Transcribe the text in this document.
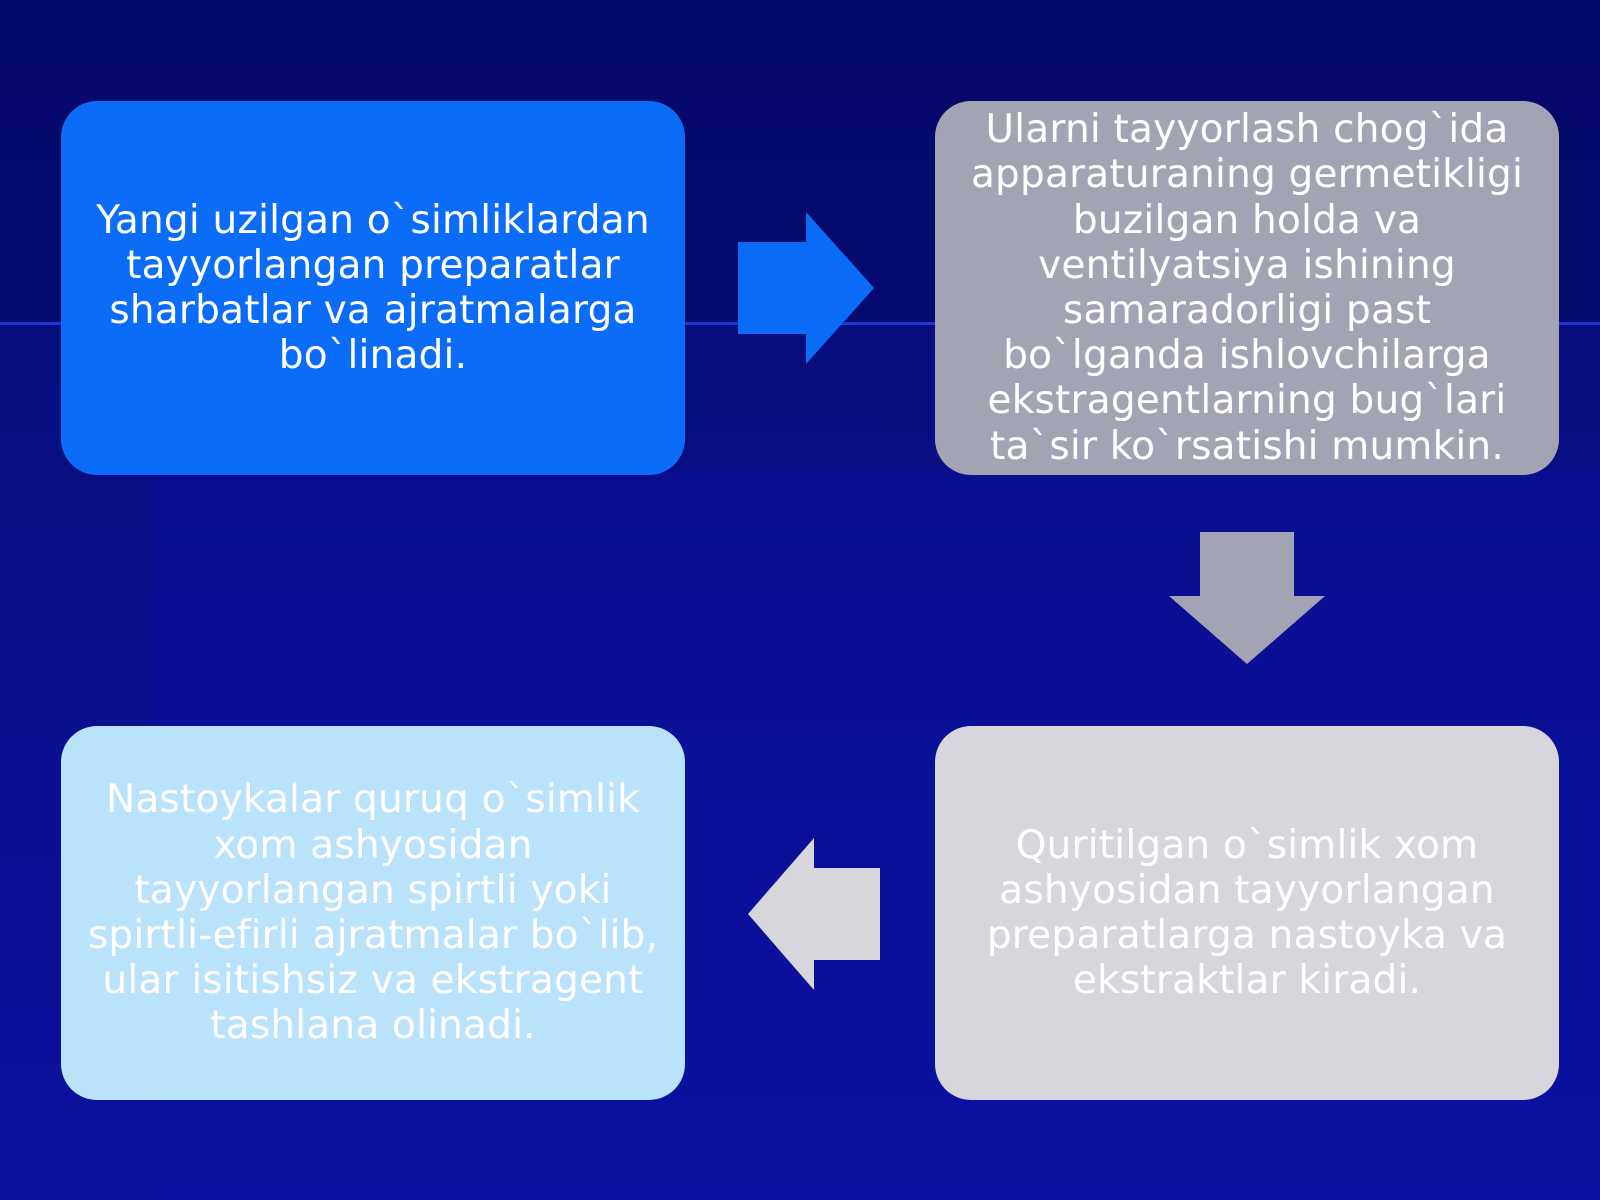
Yangi uzilgan o`simliklardan tayyorlangan preparatlar sharbatlar va ajratmalarga bo`linadi.
Ularni tayyorlash chog`ida apparaturaning germetikligi buzilgan holda va ventilyatsiya ishining samaradorligi past bo`lganda ishlovchilarga ekstragentlarning bug`lari ta`sir ko`rsatishi mumkin.
Quritilgan o`simlik xom ashyosidan tayyorlangan preparatlarga nastoyka va ekstraktlar kiradi.
Nastoykalar quruq o`simlik xom ashyosidan tayyorlangan spirtli yoki spirtli-efirli ajratmalar bo`lib, ular isitishsiz va ekstragent tashlana olinadi.
